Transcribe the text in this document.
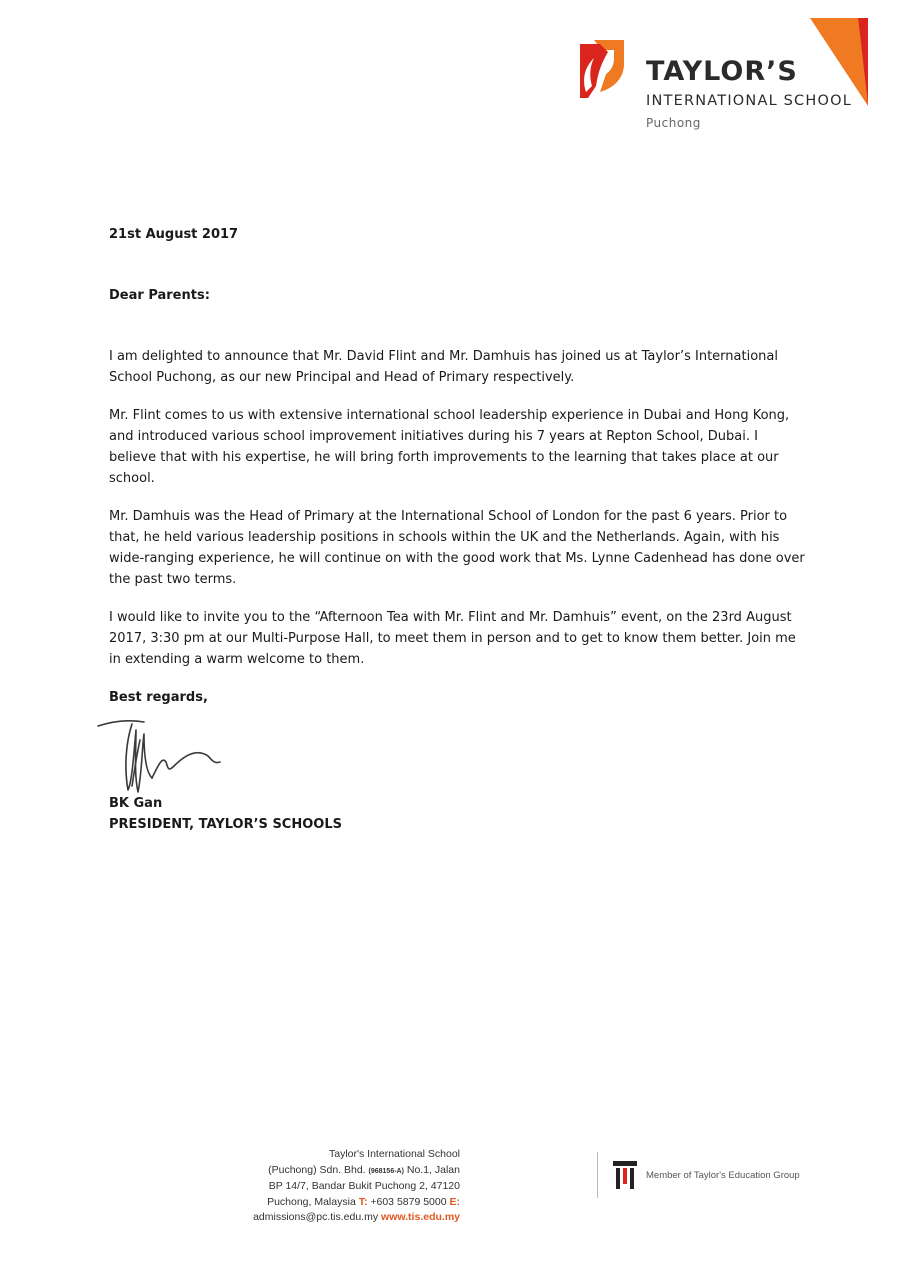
TAYLOR’S
INTERNATIONAL SCHOOL
Puchong

21st August 2017

Dear Parents:

I am delighted to announce that Mr. David Flint and Mr. Damhuis has joined us at Taylor’s International School Puchong, as our new Principal and Head of Primary respectively.

Mr. Flint comes to us with extensive international school leadership experience in Dubai and Hong Kong, and introduced various school improvement initiatives during his 7 years at Repton School, Dubai. I believe that with his expertise, he will bring forth improvements to the learning that takes place at our school.

Mr. Damhuis was the Head of Primary at the International School of London for the past 6 years. Prior to that, he held various leadership positions in schools within the UK and the Netherlands. Again, with his wide-ranging experience, he will continue on with the good work that Ms. Lynne Cadenhead has done over the past two terms.

I would like to invite you to the “Afternoon Tea with Mr. Flint and Mr. Damhuis” event, on the 23rd August 2017, 3:30 pm at our Multi-Purpose Hall, to meet them in person and to get to know them better. Join me in extending a warm welcome to them.

Best regards,

BK Gan
PRESIDENT, TAYLOR’S SCHOOLS
Taylor's International School
(Puchong) Sdn. Bhd. (968156-A) No.1, Jalan
BP 14/7, Bandar Bukit Puchong 2, 47120
Puchong, Malaysia T: +603 5879 5000 E:
admissions@pc.tis.edu.my www.tis.edu.my
Member of Taylor's Education Group
